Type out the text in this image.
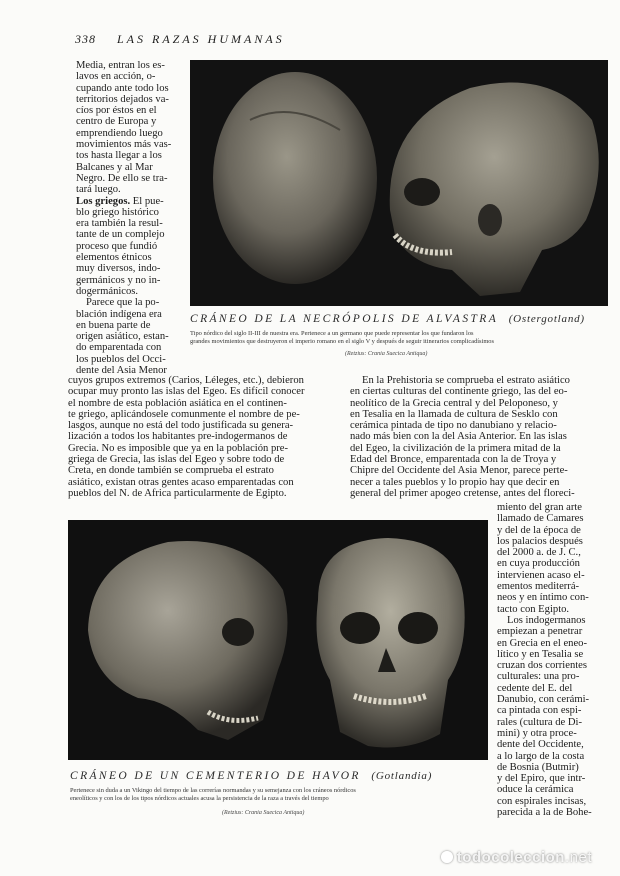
338 LAS RAZAS HUMANAS
Media, entran los es-
lavos en acción, o-
cupando ante todo los
territorios dejados va-
cíos por éstos en el
centro de Europa y
emprendiendo luego
movimientos más vas-
tos hasta llegar a los
Balcanes y al Mar
Negro. De ello se tra-
tará luego.
Los griegos. El pue-
blo griego histórico
era también la resul-
tante de un complejo
proceso que fundió
elementos étnicos
muy diversos, indo-
germánicos y no in-
dogermánicos.
Parece que la po-
blación indígena era
en buena parte de
origen asiático, estan-
do emparentada con
los pueblos del Occi-
dente del Asia Menor
CRÁNEO DE LA NECRÓPOLIS DE ALVASTRA (Ostergotland)
Tipo nórdico del siglo II-III de nuestra era. Pertenece a un germano que puede representar los que fundaron los
grandes movimientos que destruyeron el imperio romano en el siglo V y después de seguir itinerarios complicadísimos
(Retzius: Crania Suecica Antiqua)
cuyos grupos extremos (Carios, Léleges, etc.), debieron
ocupar muy pronto las islas del Egeo. Es difícil conocer
el nombre de esta población asiática en el continen-
te griego, aplicándosele comunmente el nombre de pe-
lasgos, aunque no está del todo justificada su genera-
lización a todos los habitantes pre-indogermanos de
Grecia. No es imposible que ya en la población pre-
griega de Grecia, las islas del Egeo y sobre todo de
Creta, en donde también se comprueba el estrato
asiático, existan otras gentes acaso emparentadas con
pueblos del N. de Africa particularmente de Egipto.
En la Prehistoria se comprueba el estrato asiático
en ciertas culturas del continente griego, las del eo-
neolítico de la Grecia central y del Peloponeso, y
en Tesalia en la llamada de cultura de Sesklo con
cerámica pintada de tipo no danubiano y relacio-
nado más bien con la del Asia Anterior. En las islas
del Egeo, la civilización de la primera mitad de la
Edad del Bronce, emparentada con la de Troya y
Chipre del Occidente del Asia Menor, parece perte-
necer a tales pueblos y lo propio hay que decir en
general del primer apogeo cretense, antes del floreci-
CRÁNEO DE UN CEMENTERIO DE HAVOR (Gotlandia)
Pertenece sin duda a un Vikingo del tiempo de las correrías normandas y su semejanza con los cráneos nórdicos
eneolíticos y con los de los tipos nórdicos actuales acusa la persistencia de la raza a través del tiempo
(Retzius: Crania Suecica Antiqua)
miento del gran arte
llamado de Camares
y del de la época de
los palacios después
del 2000 a. de J. C.,
en cuya producción
intervienen acaso el-
ementos mediterrá-
neos y en íntimo con-
tacto con Egipto.
Los indogermanos
empiezan a penetrar
en Grecia en el eneo-
lítico y en Tesalia se
cruzan dos corrientes
culturales: una pro-
cedente del E. del
Danubio, con cerámi-
ca pintada con espi-
rales (cultura de Di-
mini) y otra proce-
dente del Occidente,
a lo largo de la costa
de Bosnia (Butmir)
y del Epiro, que intr-
oduce la cerámica
con espirales incisas,
parecida a la de Bohe-
todocoleccion.net
